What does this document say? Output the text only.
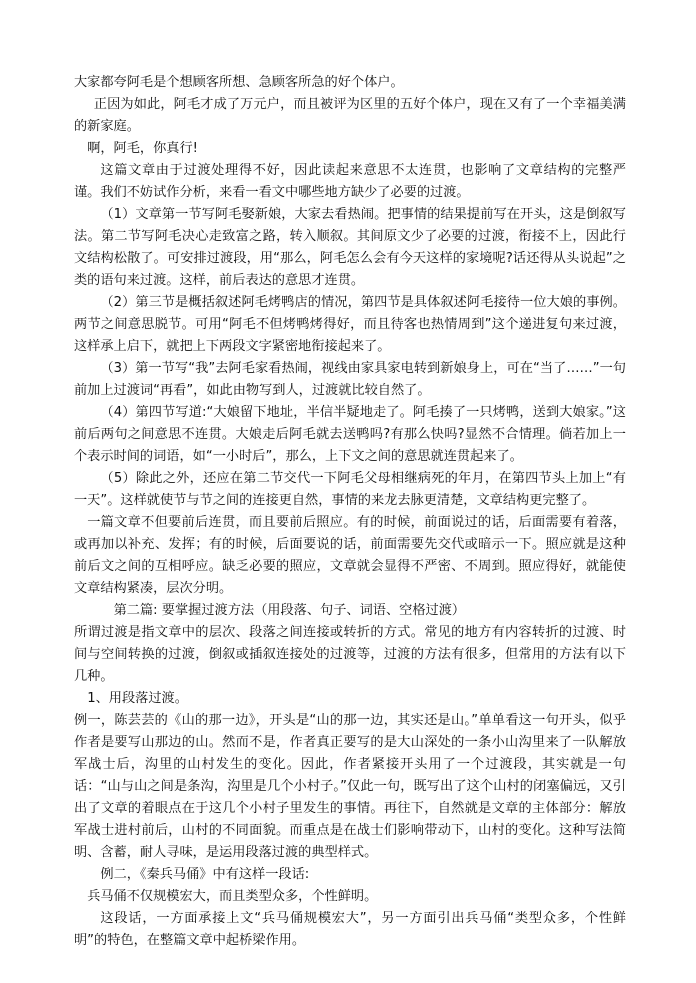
大家都夸阿毛是个想顾客所想、急顾客所急的好个体户。

正因为如此，阿毛才成了万元户，而且被评为区里的五好个体户，现在又有了一个幸福美满的新家庭。

啊，阿毛，你真行!

这篇文章由于过渡处理得不好，因此读起来意思不太连贯，也影响了文章结构的完整严谨。我们不妨试作分析，来看一看文中哪些地方缺少了必要的过渡。

（1）文章第一节写阿毛娶新娘，大家去看热闹。把事情的结果提前写在开头，这是倒叙写法。第二节写阿毛决心走致富之路，转入顺叙。其间原文少了必要的过渡，衔接不上，因此行文结构松散了。可安排过渡段，用“那么，阿毛怎么会有今天这样的家境呢?话还得从头说起”之类的语句来过渡。这样，前后表达的意思才连贯。

（2）第三节是概括叙述阿毛烤鸭店的情况，第四节是具体叙述阿毛接待一位大娘的事例。两节之间意思脱节。可用“阿毛不但烤鸭烤得好，而且待客也热情周到”这个递进复句来过渡，这样承上启下，就把上下两段文字紧密地衔接起来了。

（3）第一节写“我”去阿毛家看热闹，视线由家具家电转到新娘身上，可在“当了……”一句前加上过渡词“再看”，如此由物写到人，过渡就比较自然了。

（4）第四节写道:“大娘留下地址，半信半疑地走了。阿毛揍了一只烤鸭，送到大娘家。”这前后两句之间意思不连贯。大娘走后阿毛就去送鸭吗?有那么快吗?显然不合情理。倘若加上一个表示时间的词语，如“一小时后”，那么，上下文之间的意思就连贯起来了。

（5）除此之外，还应在第二节交代一下阿毛父母相继病死的年月，在第四节头上加上“有一天”。这样就使节与节之间的连接更自然，事情的来龙去脉更清楚，文章结构更完整了。

一篇文章不但要前后连贯，而且要前后照应。有的时候，前面说过的话，后面需要有着落，或再加以补充、发挥；有的时候，后面要说的话，前面需要先交代或暗示一下。照应就是这种前后文之间的互相呼应。缺乏必要的照应，文章就会显得不严密、不周到。照应得好，就能使文章结构紧凑，层次分明。

第二篇: 要掌握过渡方法（用段落、句子、词语、空格过渡）

所谓过渡是指文章中的层次、段落之间连接或转折的方式。常见的地方有内容转折的过渡、时间与空间转换的过渡，倒叙或插叙连接处的过渡等，过渡的方法有很多，但常用的方法有以下几种。

1、用段落过渡。

例一，陈芸芸的《山的那一边》，开头是“山的那一边，其实还是山。”单单看这一句开头，似乎作者是要写山那边的山。然而不是，作者真正要写的是大山深处的一条小山沟里来了一队解放军战士后，沟里的山村发生的变化。因此，作者紧接开头用了一个过渡段，其实就是一句话：“山与山之间是条沟，沟里是几个小村子。”仅此一句，既写出了这个山村的闭塞偏远，又引出了文章的着眼点在于这几个小村子里发生的事情。再往下，自然就是文章的主体部分：解放军战士进村前后，山村的不同面貌。而重点是在战士们影响带动下，山村的变化。这种写法简明、含蓄，耐人寻味，是运用段落过渡的典型样式。

例二，《秦兵马俑》中有这样一段话:

兵马俑不仅规模宏大，而且类型众多，个性鲜明。

这段话，一方面承接上文“兵马俑规模宏大”，另一方面引出兵马俑“类型众多，个性鲜明”的特色，在整篇文章中起桥梁作用。
